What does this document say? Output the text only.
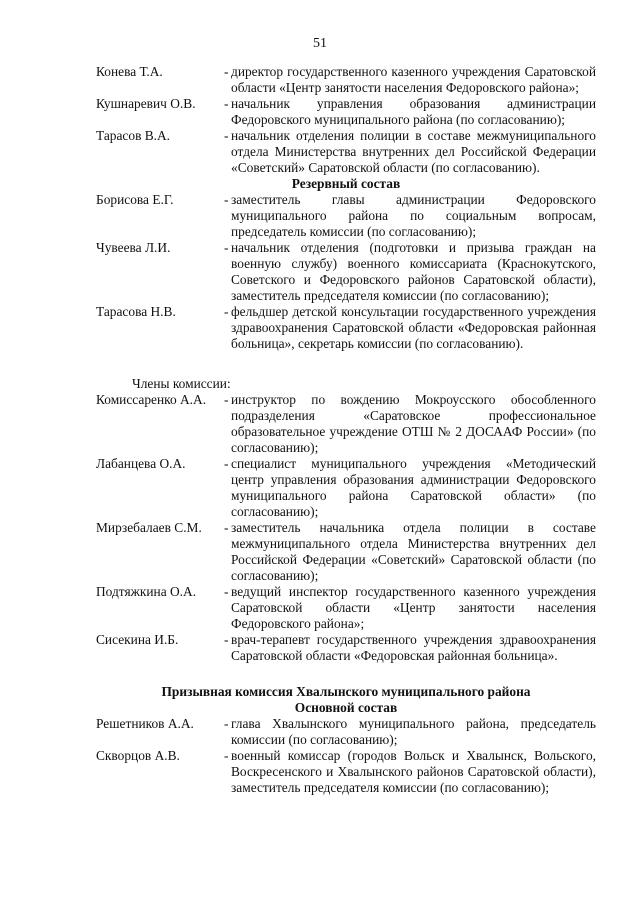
51
Конева Т.А.	- директор государственного казенного учреждения Саратовской области «Центр занятости населения Федоровского района»;
Кушнаревич О.В.	- начальник управления образования администрации Федоровского муниципального района (по согласованию);
Тарасов В.А.	- начальник отделения полиции в составе межмуниципального отдела Министерства внутренних дел Российской Федерации «Советский» Саратовской области (по согласованию).
Резервный состав
Борисова Е.Г.	- заместитель главы администрации Федоровского муниципального района по социальным вопросам, председатель комиссии (по согласованию);
Чувеева Л.И.	- начальник отделения (подготовки и призыва граждан на военную службу) военного комиссариата (Краснокутского, Советского и Федоровского районов Саратовской области), заместитель председателя комиссии (по согласованию);
Тарасова Н.В.	- фельдшер детской консультации государственного учреждения здравоохранения Саратовской области «Федоровская районная больница», секретарь комиссии (по согласованию).
Члены комиссии:
Комиссаренко А.А.	- инструктор по вождению Мокроусского обособленного подразделения «Саратовское профессиональное образовательное учреждение ОТШ № 2 ДОСААФ России» (по согласованию);
Лабанцева О.А.	- специалист муниципального учреждения «Методический центр управления образования администрации Федоровского муниципального района Саратовской области» (по согласованию);
Мирзебалаев С.М.	- заместитель начальника отдела полиции в составе межмуниципального отдела Министерства внутренних дел Российской Федерации «Советский» Саратовской области (по согласованию);
Подтяжкина О.А.	- ведущий инспектор государственного казенного учреждения Саратовской области «Центр занятости населения Федоровского района»;
Сисекина И.Б.	- врач-терапевт государственного учреждения здравоохранения Саратовской области «Федоровская районная больница».
Призывная комиссия Хвалынского муниципального района
Основной состав
Решетников А.А.	- глава Хвалынского муниципального района, председатель комиссии (по согласованию);
Скворцов А.В.	- военный комиссар (городов Вольск и Хвалынск, Вольского, Воскресенского и Хвалынского районов Саратовской области), заместитель председателя комиссии (по согласованию);
